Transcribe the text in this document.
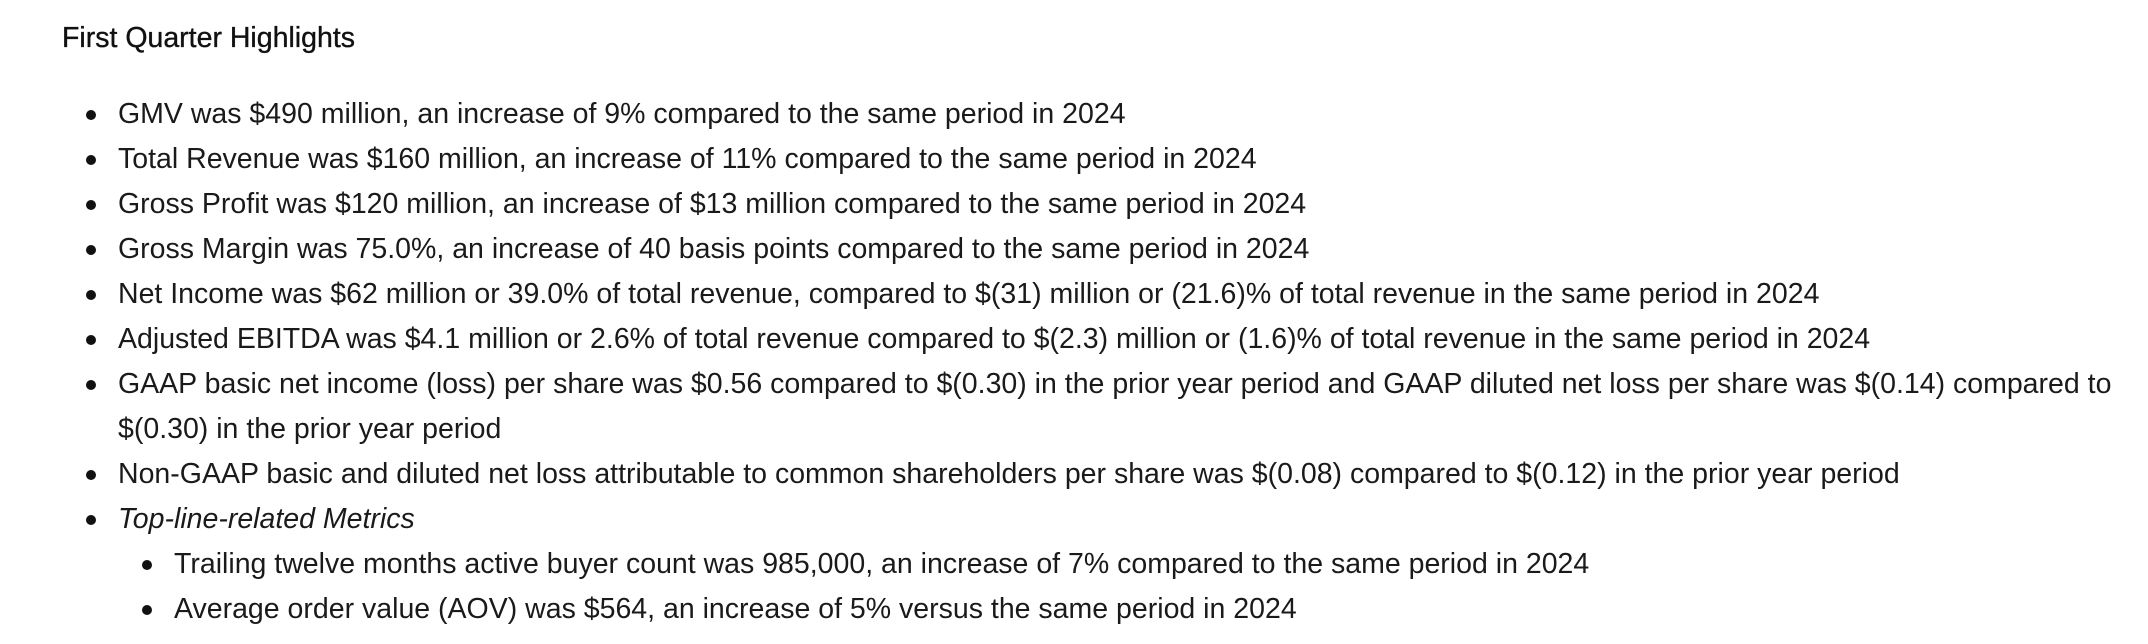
First Quarter Highlights
GMV was $490 million, an increase of 9% compared to the same period in 2024
Total Revenue was $160 million, an increase of 11% compared to the same period in 2024
Gross Profit was $120 million, an increase of $13 million compared to the same period in 2024
Gross Margin was 75.0%, an increase of 40 basis points compared to the same period in 2024
Net Income was $62 million or 39.0% of total revenue, compared to $(31) million or (21.6)% of total revenue in the same period in 2024
Adjusted EBITDA was $4.1 million or 2.6% of total revenue compared to $(2.3) million or (1.6)% of total revenue in the same period in 2024
GAAP basic net income (loss) per share was $0.56 compared to $(0.30) in the prior year period and GAAP diluted net loss per share was $(0.14) compared to $(0.30) in the prior year period
Non-GAAP basic and diluted net loss attributable to common shareholders per share was $(0.08) compared to $(0.12) in the prior year period
Top-line-related Metrics
Trailing twelve months active buyer count was 985,000, an increase of 7% compared to the same period in 2024
Average order value (AOV) was $564, an increase of 5% versus the same period in 2024
